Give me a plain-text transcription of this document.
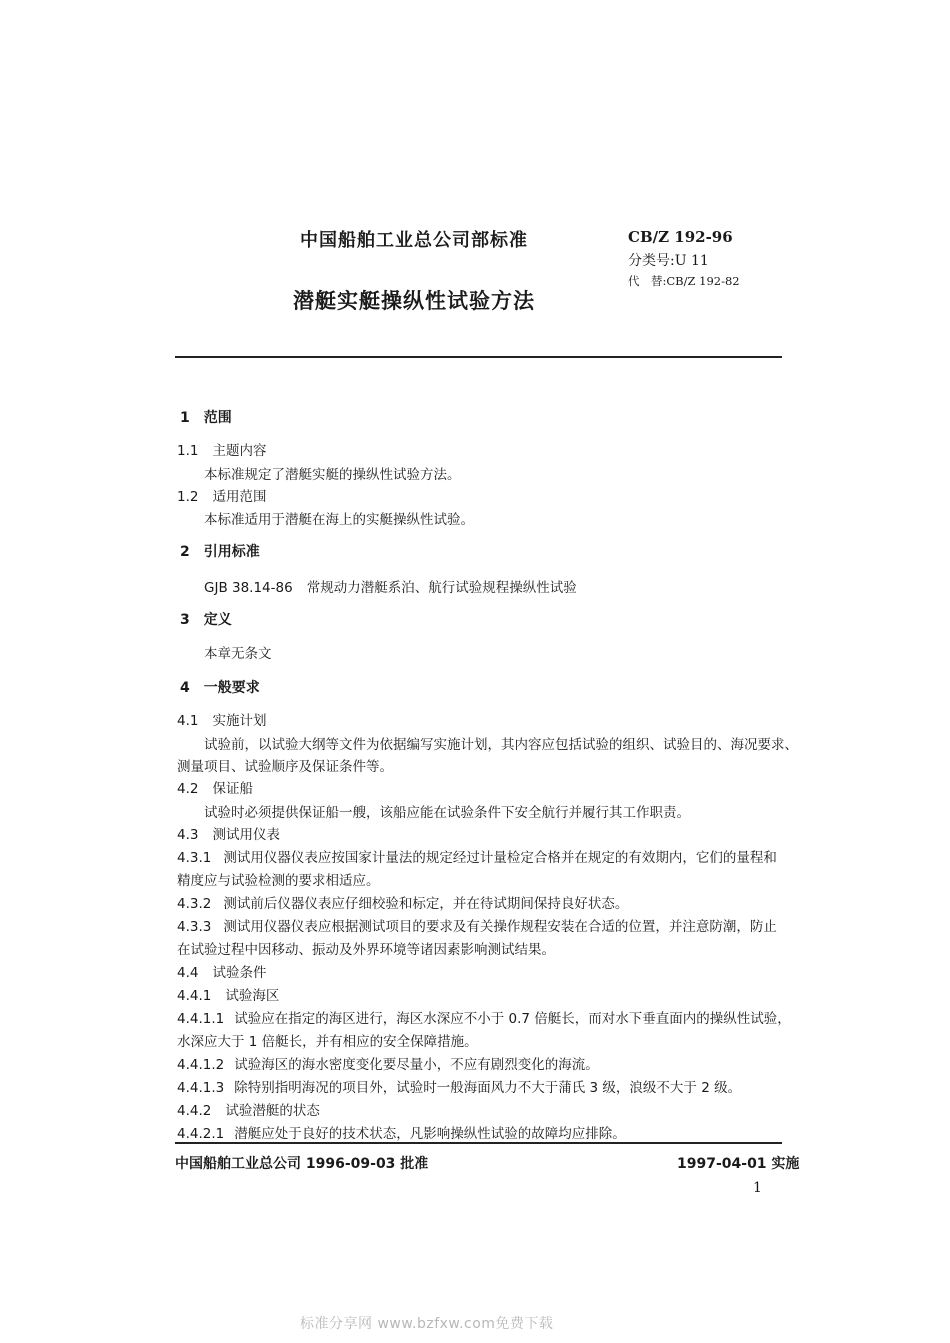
中国船舶工业总公司部标准
潜艇实艇操纵性试验方法
CB/Z 192-96
分类号:U 11
代　替:CB/Z 192-82
1 范围
1.1 主题内容
本标准规定了潜艇实艇的操纵性试验方法。
1.2 适用范围
本标准适用于潜艇在海上的实艇操纵性试验。
2 引用标准
GJB 38.14-86 常规动力潜艇系泊、航行试验规程操纵性试验
3 定义
本章无条文
4 一般要求
4.1 实施计划
试验前，以试验大纲等文件为依据编写实施计划，其内容应包括试验的组织、试验目的、海况要求、
测量项目、试验顺序及保证条件等。
4.2 保证船
试验时必须提供保证船一艘，该船应能在试验条件下安全航行并履行其工作职责。
4.3 测试用仪表
4.3.1 测试用仪器仪表应按国家计量法的规定经过计量检定合格并在规定的有效期内，它们的量程和
精度应与试验检测的要求相适应。
4.3.2 测试前后仪器仪表应仔细校验和标定，并在待试期间保持良好状态。
4.3.3 测试用仪器仪表应根据测试项目的要求及有关操作规程安装在合适的位置，并注意防潮，防止
在试验过程中因移动、振动及外界环境等诸因素影响测试结果。
4.4 试验条件
4.4.1 试验海区
4.4.1.1 试验应在指定的海区进行，海区水深应不小于 0.7 倍艇长，而对水下垂直面内的操纵性试验，
水深应大于 1 倍艇长，并有相应的安全保障措施。
4.4.1.2 试验海区的海水密度变化要尽量小，不应有剧烈变化的海流。
4.4.1.3 除特别指明海况的项目外，试验时一般海面风力不大于蒲氏 3 级，浪级不大于 2 级。
4.4.2 试验潜艇的状态
4.4.2.1 潜艇应处于良好的技术状态，凡影响操纵性试验的故障均应排除。
中国船舶工业总公司 1996-09-03 批准	1997-04-01 实施
1
标准分享网 www.bzfxw.com免费下载
